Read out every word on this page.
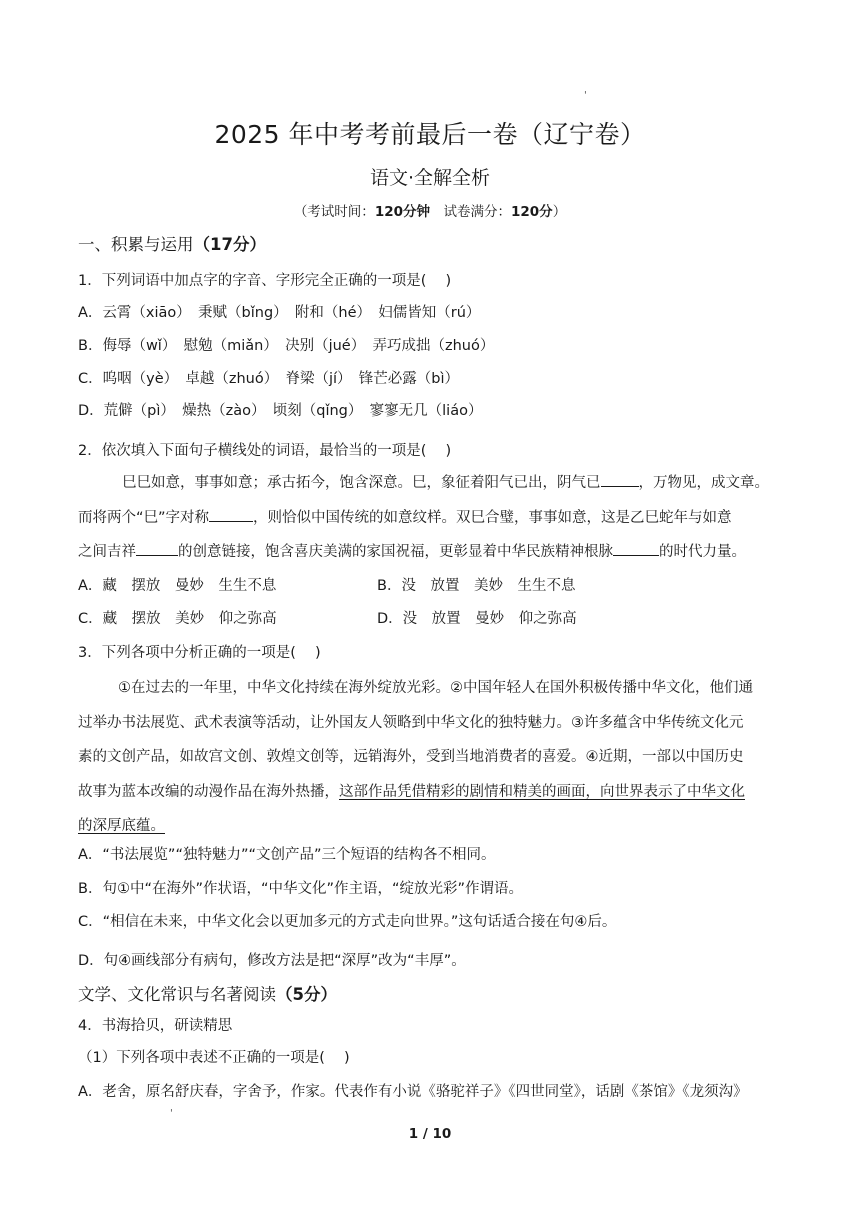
'
2025 年中考考前最后一卷（辽宁卷）
语文·全解全析
（考试时间：120分钟　试卷满分：120分）
一、积累与运用（17分）
1．下列词语中加点字的字音、字形完全正确的一项是(　 )
A．云霄（xiāo）　秉赋（bǐng）　附和（hé）　妇儒皆知（rú）
B．侮辱（wǐ）　慰勉（miǎn）　决别（jué）　弄巧成拙（zhuó）
C．呜咽（yè）　卓越（zhuó）　脊梁（jí）　锋芒必露（bì）
D．荒僻（pì）　燥热（zào）　顷刻（qǐng）　寥寥无几（liáo）
2．依次填入下面句子横线处的词语，最恰当的一项是(　 )
巳巳如意，事事如意；承古拓今，饱含深意。巳，象征着阳气已出，阴气已	，万物见，成文章。
而将两个“巳”字对称	，则恰似中国传统的如意纹样。双巳合璧，事事如意，这是乙巳蛇年与如意
之间吉祥	的创意链接，饱含喜庆美满的家国祝福，更彰显着中华民族精神根脉	的时代力量。
A．藏　摆放　曼妙　生生不息	B．没　放置　美妙　生生不息
C．藏　摆放　美妙　仰之弥高	D．没　放置　曼妙　仰之弥高
3．下列各项中分析正确的一项是(　 )
①在过去的一年里，中华文化持续在海外绽放光彩。②中国年轻人在国外积极传播中华文化，他们通
过举办书法展览、武术表演等活动，让外国友人领略到中华文化的独特魅力。③许多蕴含中华传统文化元
素的文创产品，如故宫文创、敦煌文创等，远销海外，受到当地消费者的喜爱。④近期，一部以中国历史
故事为蓝本改编的动漫作品在海外热播，这部作品凭借精彩的剧情和精美的画面，向世界表示了中华文化
的深厚底蕴。
A．“书法展览”“独特魅力”“文创产品”三个短语的结构各不相同。
B．句①中“在海外”作状语，“中华文化”作主语，“绽放光彩”作谓语。
C．“相信在未来，中华文化会以更加多元的方式走向世界。”这句话适合接在句④后。
D．句④画线部分有病句，修改方法是把“深厚”改为“丰厚”。
文学、文化常识与名著阅读（5分）
4．书海拾贝，研读精思
（1）下列各项中表述不正确的一项是(　 )
A．老舍，原名舒庆春，字舍予，作家。代表作有小说《骆驼祥子》《四世同堂》，话剧《茶馆》《龙须沟》
'
1 / 10
